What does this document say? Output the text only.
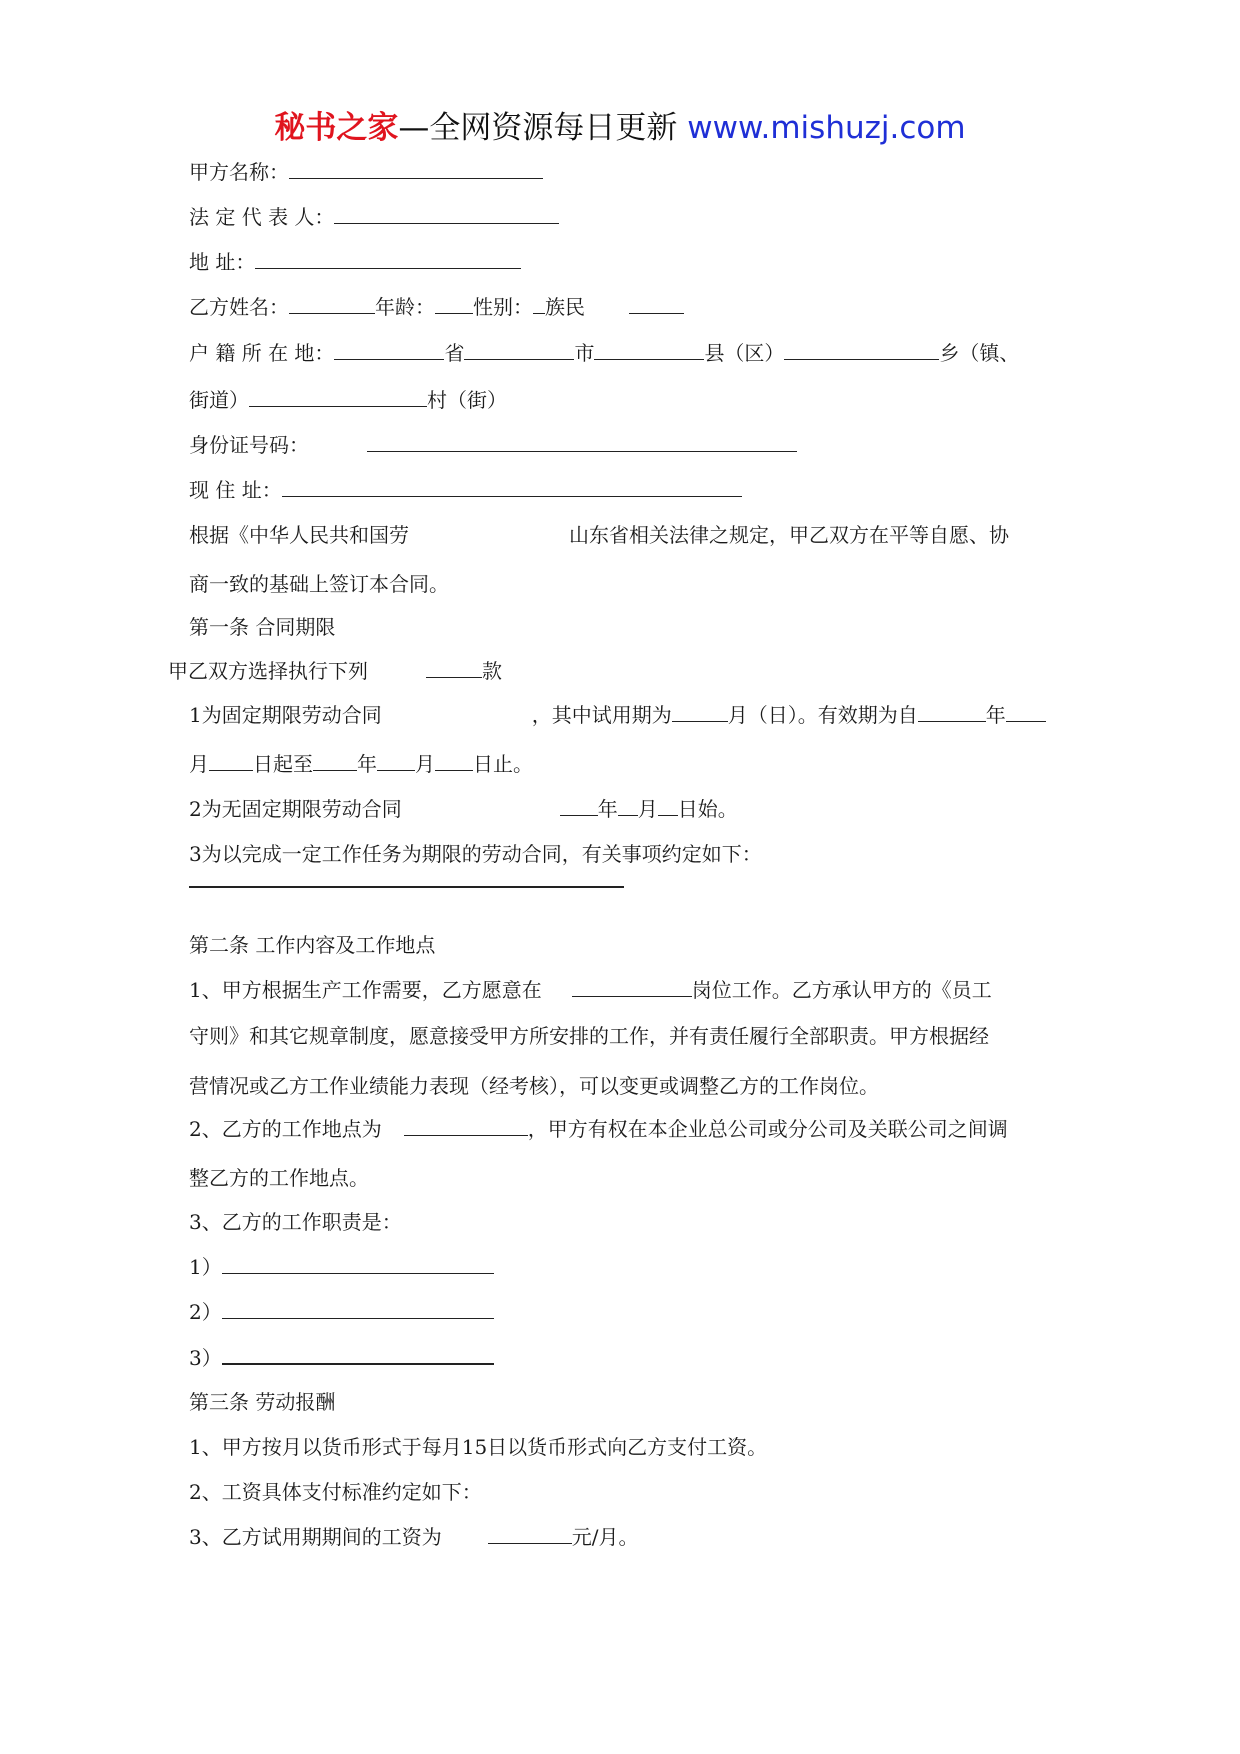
秘书之家—全网资源每日更新 www.mishuzj.com
甲方名称：
法 定 代 表 人：
地 址：
乙方姓名：	年龄： 性别： 族民
户 籍 所 在 地：	省	市	县（区）	乡（镇、
街道）	村（街）
身份证号码：
现 住 址：
根据《中华人民共和国劳	山东省相关法律之规定，甲乙双方在平等自愿、协
商一致的基础上签订本合同。
第一条 合同期限
甲乙双方选择执行下列	款
1为固定期限劳动合同	，其中试用期为	月（日）。有效期为自	年
月 日起至 年 月 日止。
2为无固定期限劳动合同	年 月 日始。
3为以完成一定工作任务为期限的劳动合同，有关事项约定如下：
第二条 工作内容及工作地点
1、甲方根据生产工作需要，乙方愿意在	岗位工作。乙方承认甲方的《员工
守则》和其它规章制度，愿意接受甲方所安排的工作，并有责任履行全部职责。甲方根据经
营情况或乙方工作业绩能力表现（经考核），可以变更或调整乙方的工作岗位。
2、乙方的工作地点为	，甲方有权在本企业总公司或分公司及关联公司之间调
整乙方的工作地点。
3、乙方的工作职责是：
1）
2）
3）
第三条 劳动报酬
1、甲方按月以货币形式于每月15日以货币形式向乙方支付工资。
2、工资具体支付标准约定如下：
3、乙方试用期期间的工资为	元/月。
